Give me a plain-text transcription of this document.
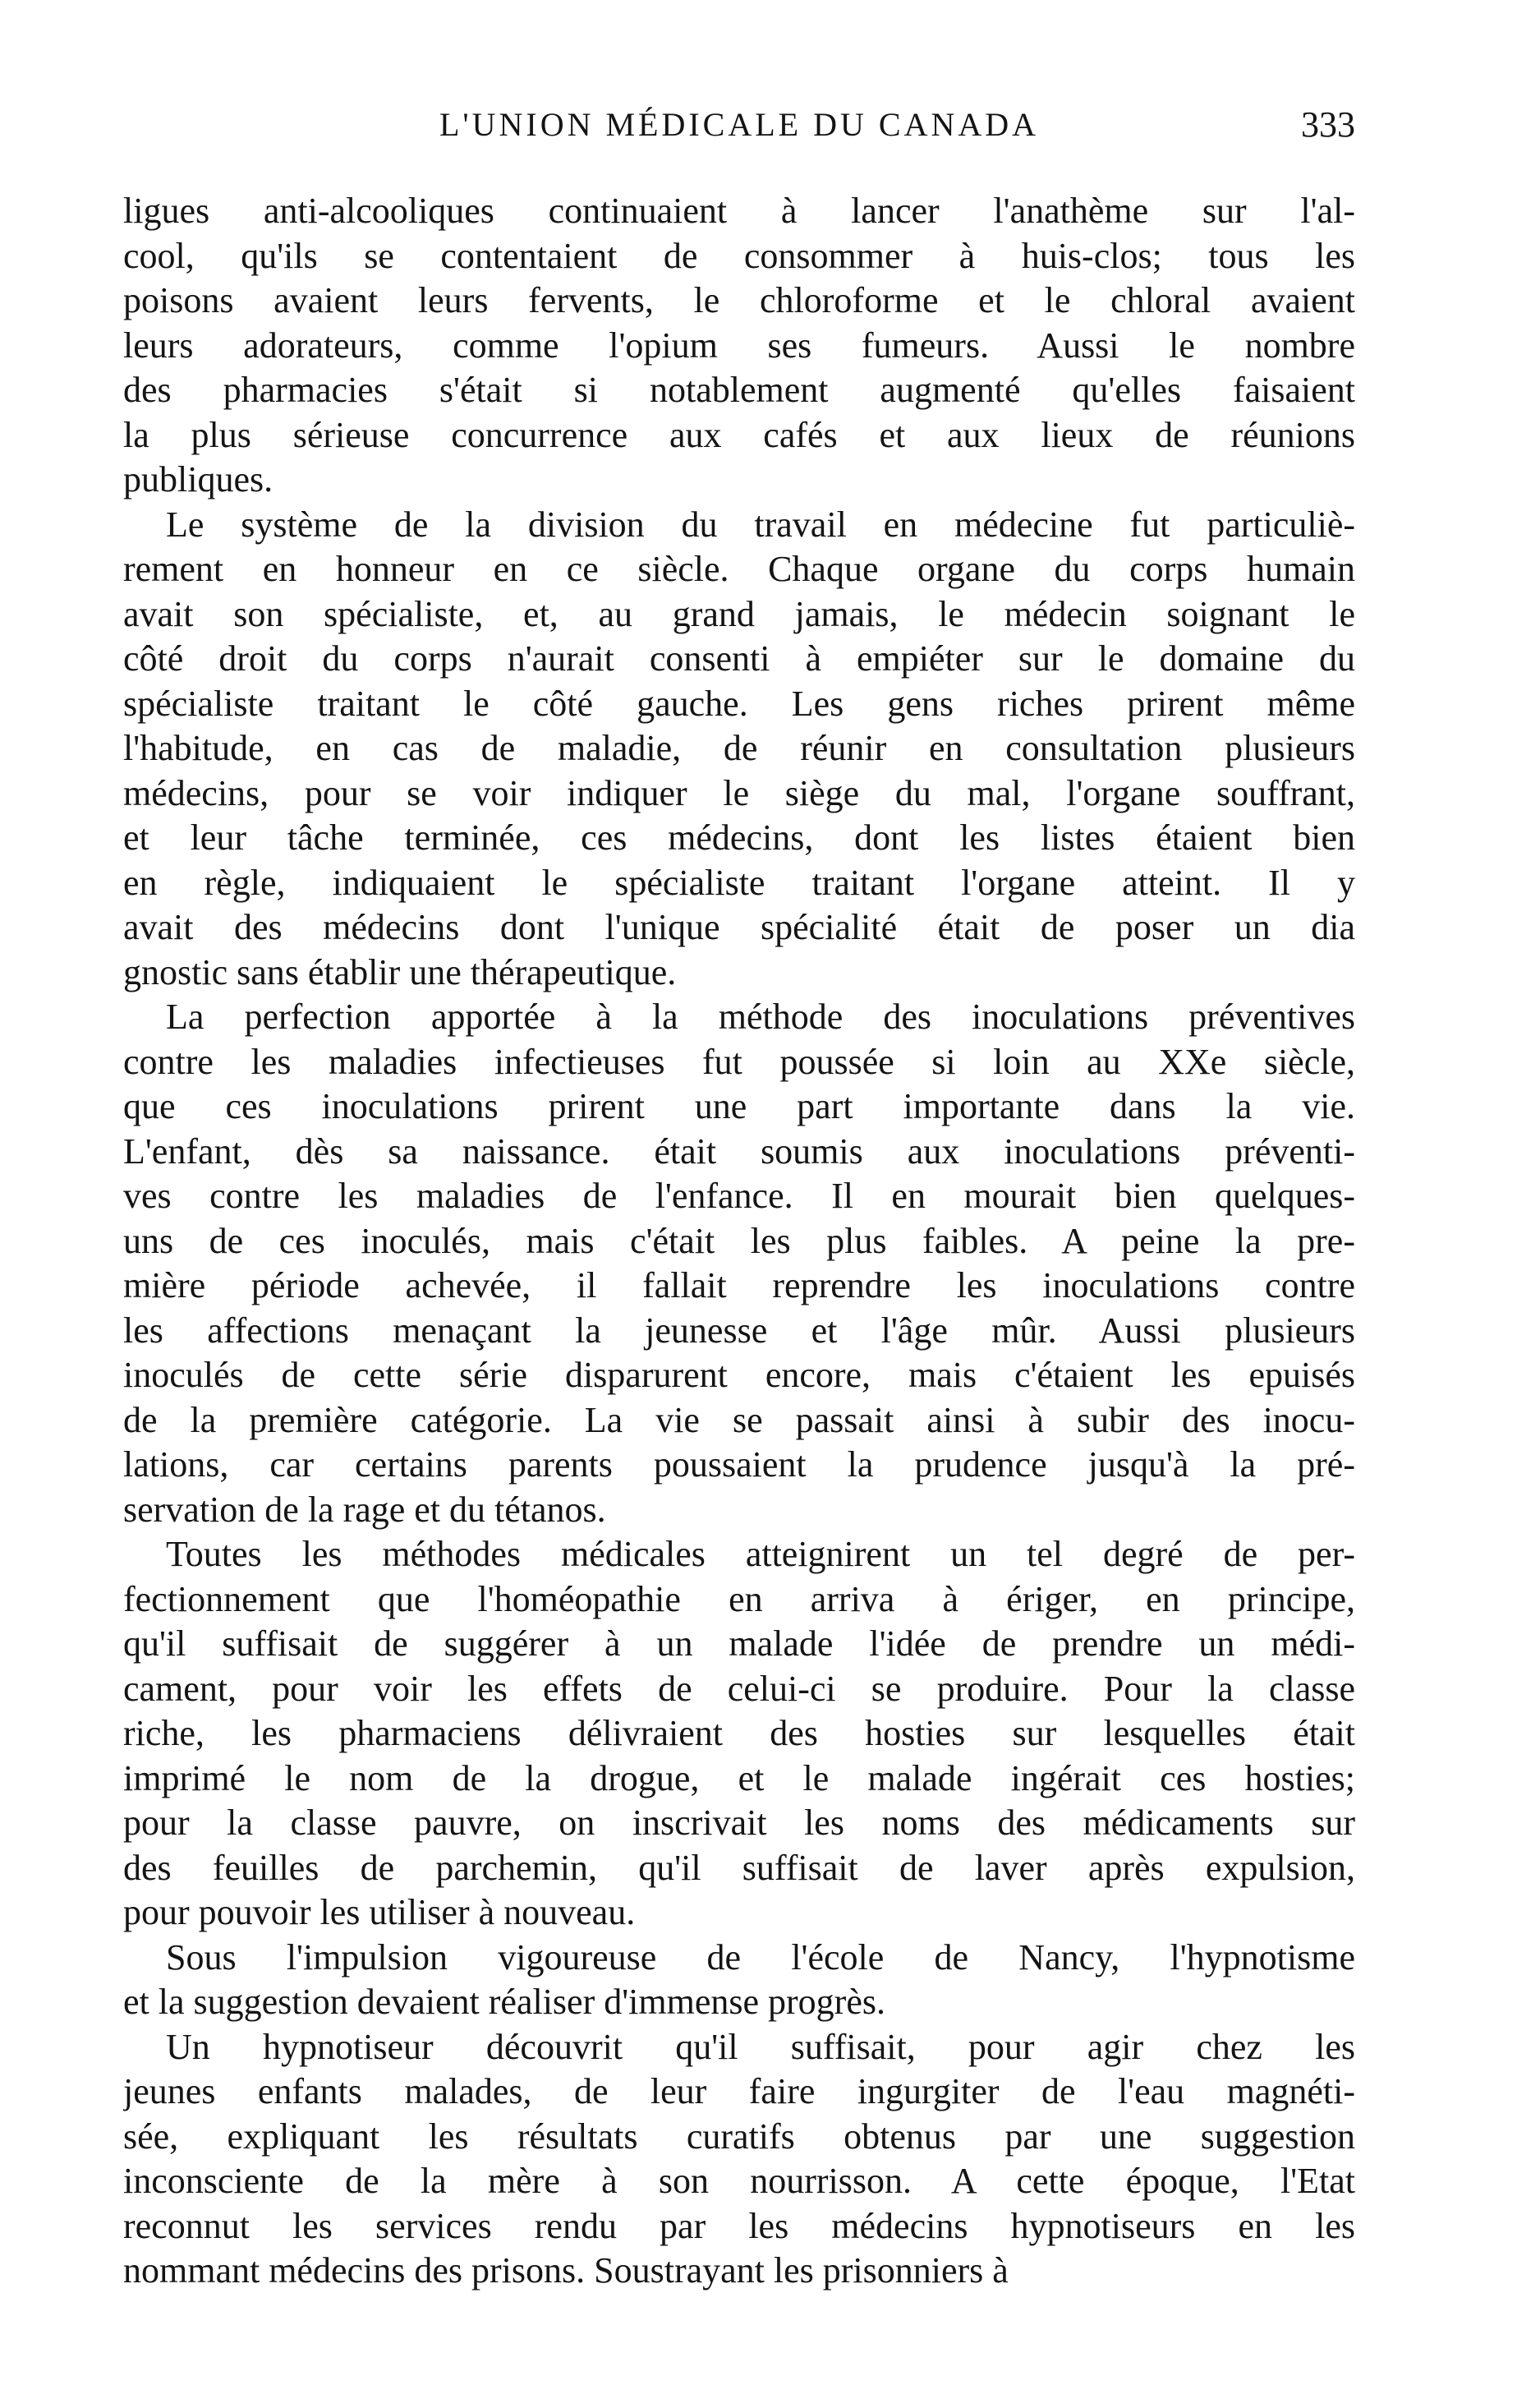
L'UNION MÉDICALE DU CANADA	333
ligues anti-alcooliques continuaient à lancer l'anathème sur l'al-
cool, qu'ils se contentaient de consommer à huis-clos; tous les
poisons avaient leurs fervents, le chloroforme et le chloral avaient
leurs adorateurs, comme l'opium ses fumeurs. Aussi le nombre
des pharmacies s'était si notablement augmenté qu'elles faisaient
la plus sérieuse concurrence aux cafés et aux lieux de réunions
publiques.
Le système de la division du travail en médecine fut particuliè-
rement en honneur en ce siècle. Chaque organe du corps humain
avait son spécialiste, et, au grand jamais, le médecin soignant le
côté droit du corps n'aurait consenti à empiéter sur le domaine du
spécialiste traitant le côté gauche. Les gens riches prirent même
l'habitude, en cas de maladie, de réunir en consultation plusieurs
médecins, pour se voir indiquer le siège du mal, l'organe souffrant,
et leur tâche terminée, ces médecins, dont les listes étaient bien
en règle, indiquaient le spécialiste traitant l'organe atteint. Il y
avait des médecins dont l'unique spécialité était de poser un dia
gnostic sans établir une thérapeutique.
La perfection apportée à la méthode des inoculations préventives
contre les maladies infectieuses fut poussée si loin au XXe siècle,
que ces inoculations prirent une part importante dans la vie.
L'enfant, dès sa naissance. était soumis aux inoculations préventi-
ves contre les maladies de l'enfance. Il en mourait bien quelques-
uns de ces inoculés, mais c'était les plus faibles. A peine la pre-
mière période achevée, il fallait reprendre les inoculations contre
les affections menaçant la jeunesse et l'âge mûr. Aussi plusieurs
inoculés de cette série disparurent encore, mais c'étaient les epuisés
de la première catégorie. La vie se passait ainsi à subir des inocu-
lations, car certains parents poussaient la prudence jusqu'à la pré-
servation de la rage et du tétanos.
Toutes les méthodes médicales atteignirent un tel degré de per-
fectionnement que l'homéopathie en arriva à ériger, en principe,
qu'il suffisait de suggérer à un malade l'idée de prendre un médi-
cament, pour voir les effets de celui-ci se produire. Pour la classe
riche, les pharmaciens délivraient des hosties sur lesquelles était
imprimé le nom de la drogue, et le malade ingérait ces hosties;
pour la classe pauvre, on inscrivait les noms des médicaments sur
des feuilles de parchemin, qu'il suffisait de laver après expulsion,
pour pouvoir les utiliser à nouveau.
Sous l'impulsion vigoureuse de l'école de Nancy, l'hypnotisme
et la suggestion devaient réaliser d'immense progrès.
Un hypnotiseur découvrit qu'il suffisait, pour agir chez les
jeunes enfants malades, de leur faire ingurgiter de l'eau magnéti-
sée, expliquant les résultats curatifs obtenus par une suggestion
inconsciente de la mère à son nourrisson. A cette époque, l'Etat
reconnut les services rendu par les médecins hypnotiseurs en les
nommant médecins des prisons. Soustrayant les prisonniers à
